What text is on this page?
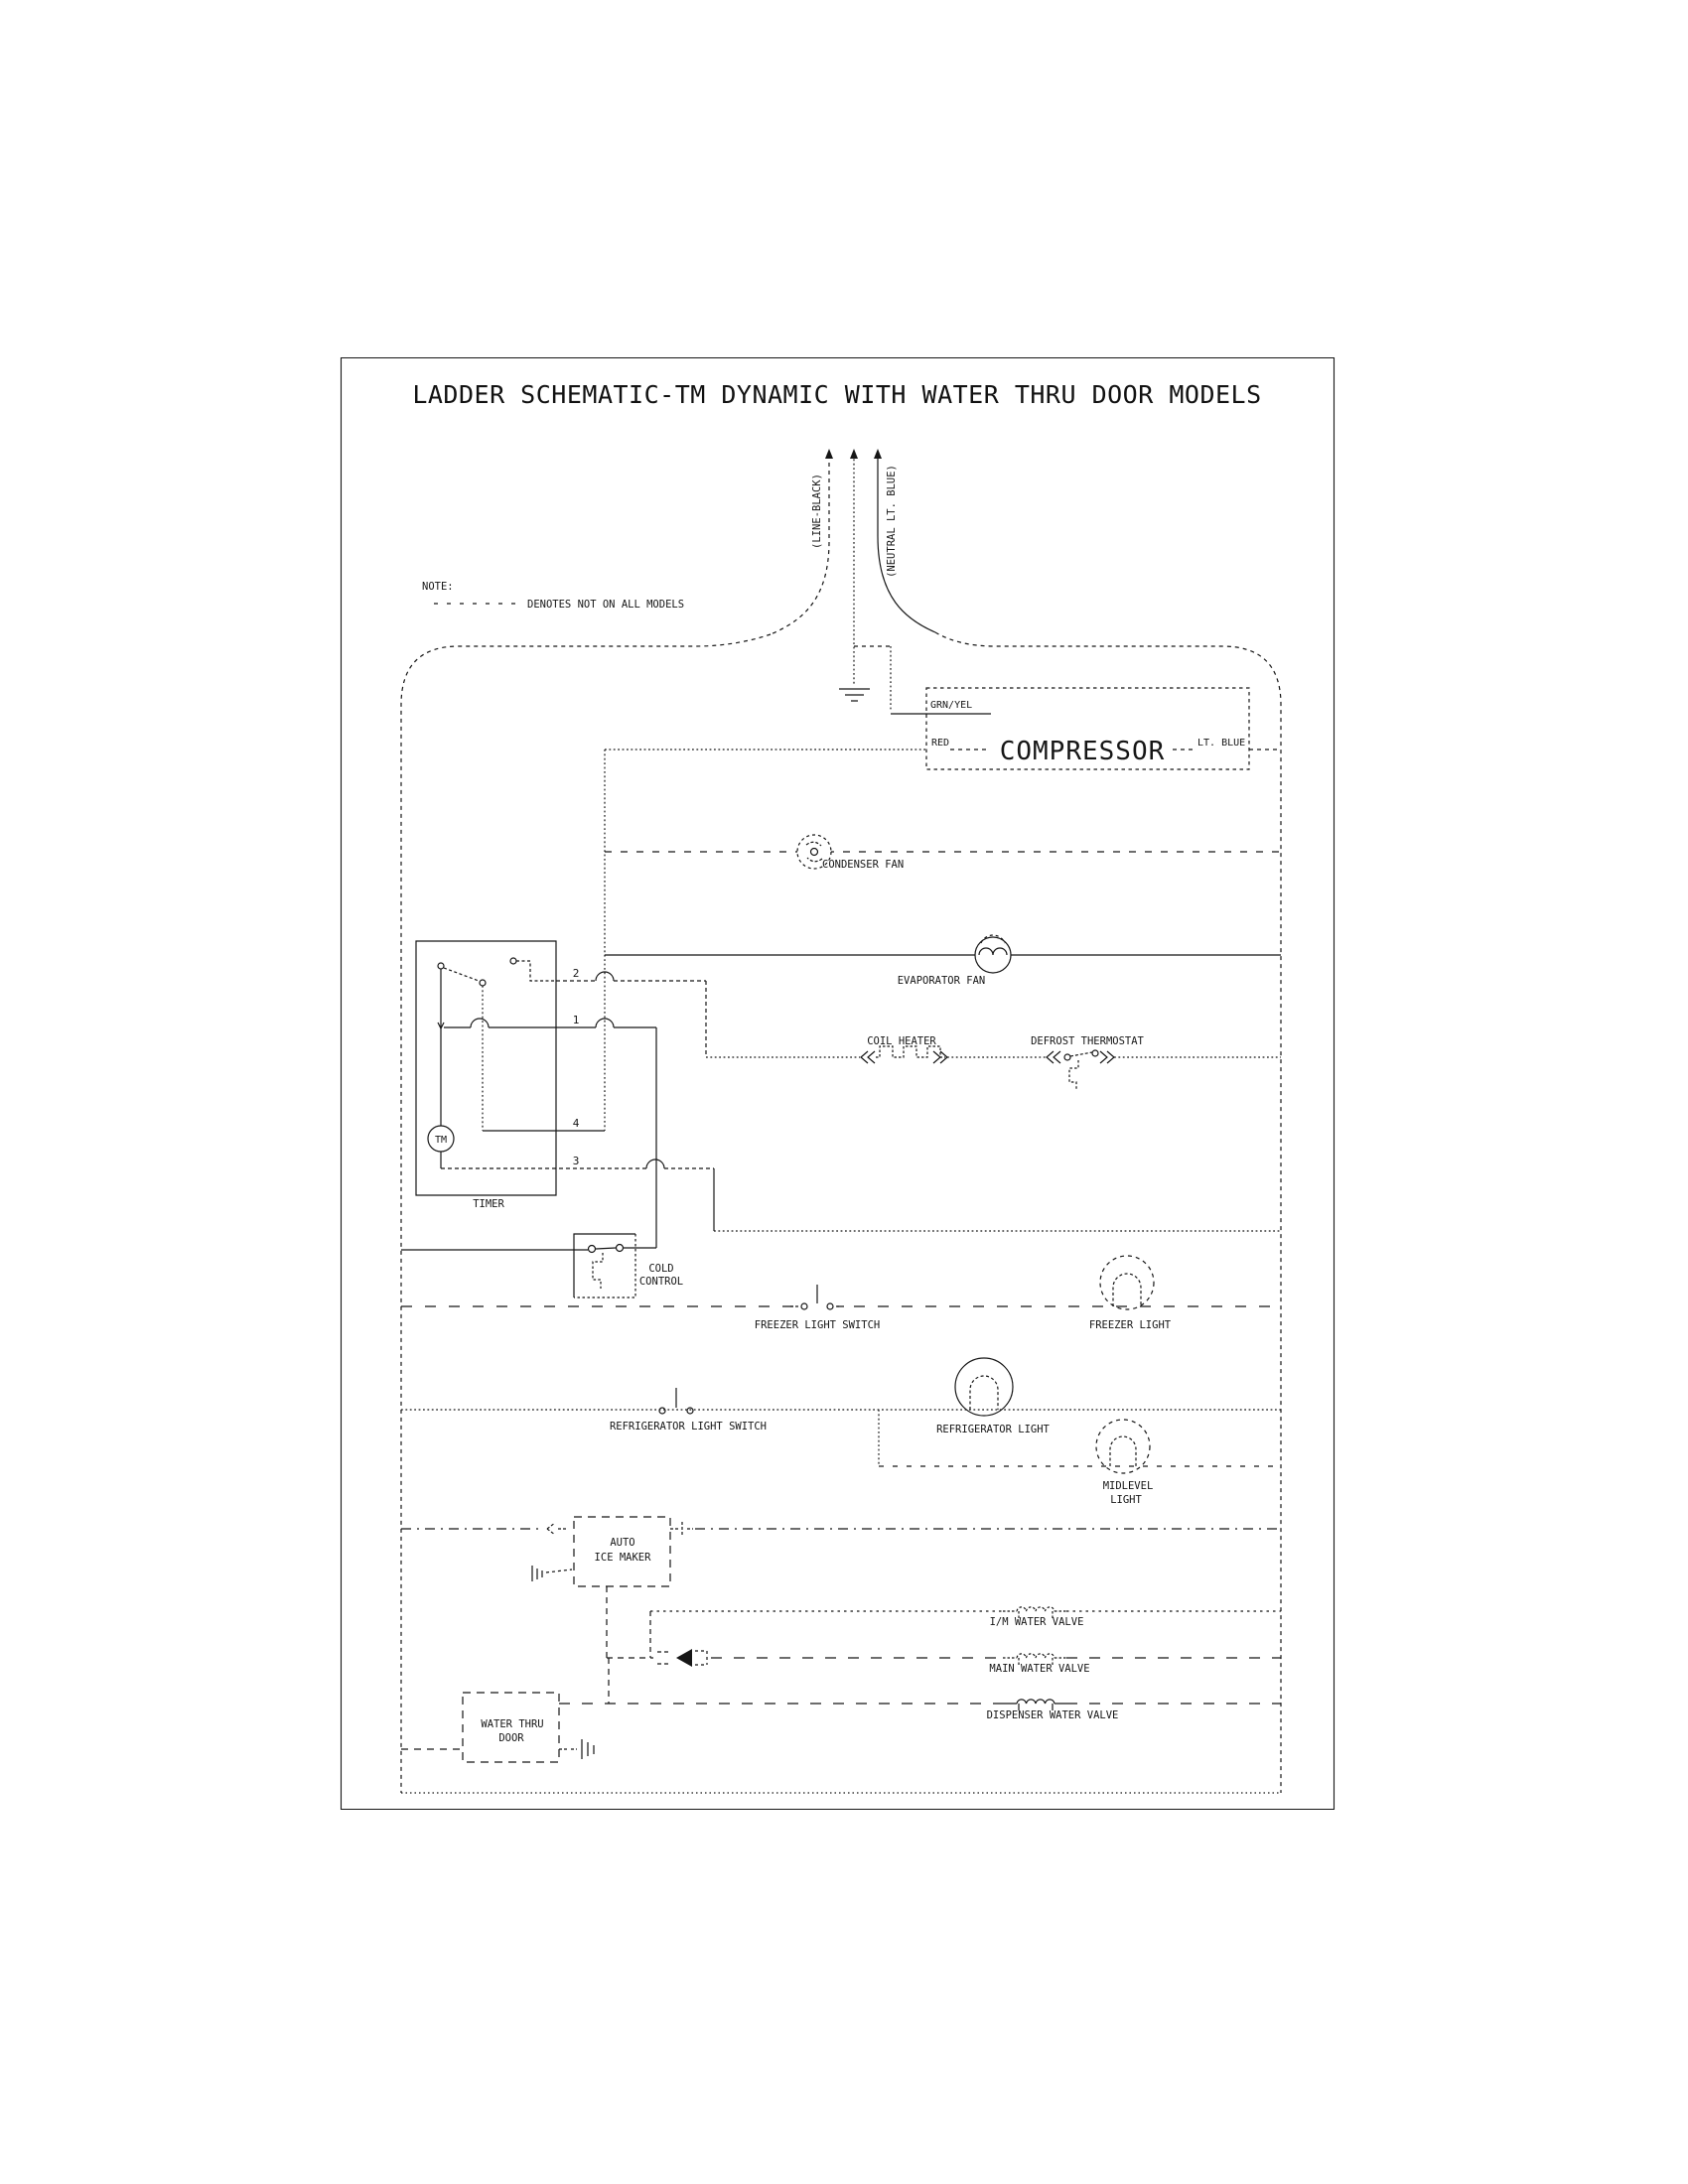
LADDER SCHEMATIC-TM DYNAMIC WITH WATER THRU DOOR MODELS
NOTE:
DENOTES NOT ON ALL MODELS
(LINE-BLACK)	(NEUTRAL LT. BLUE)
GRN/YEL
RED	LT. BLUE
COMPRESSOR
CONDENSER FAN
EVAPORATOR FAN
TM
TIMER
2
1
4
3
COIL HEATER	DEFROST THERMOSTAT
COLD
CONTROL
FREEZER LIGHT SWITCH	FREEZER LIGHT
REFRIGERATOR LIGHT SWITCH	REFRIGERATOR LIGHT
MIDLEVEL
LIGHT
AUTO
ICE MAKER
I/M WATER VALVE
MAIN WATER VALVE
DISPENSER WATER VALVE
WATER THRU
DOOR
